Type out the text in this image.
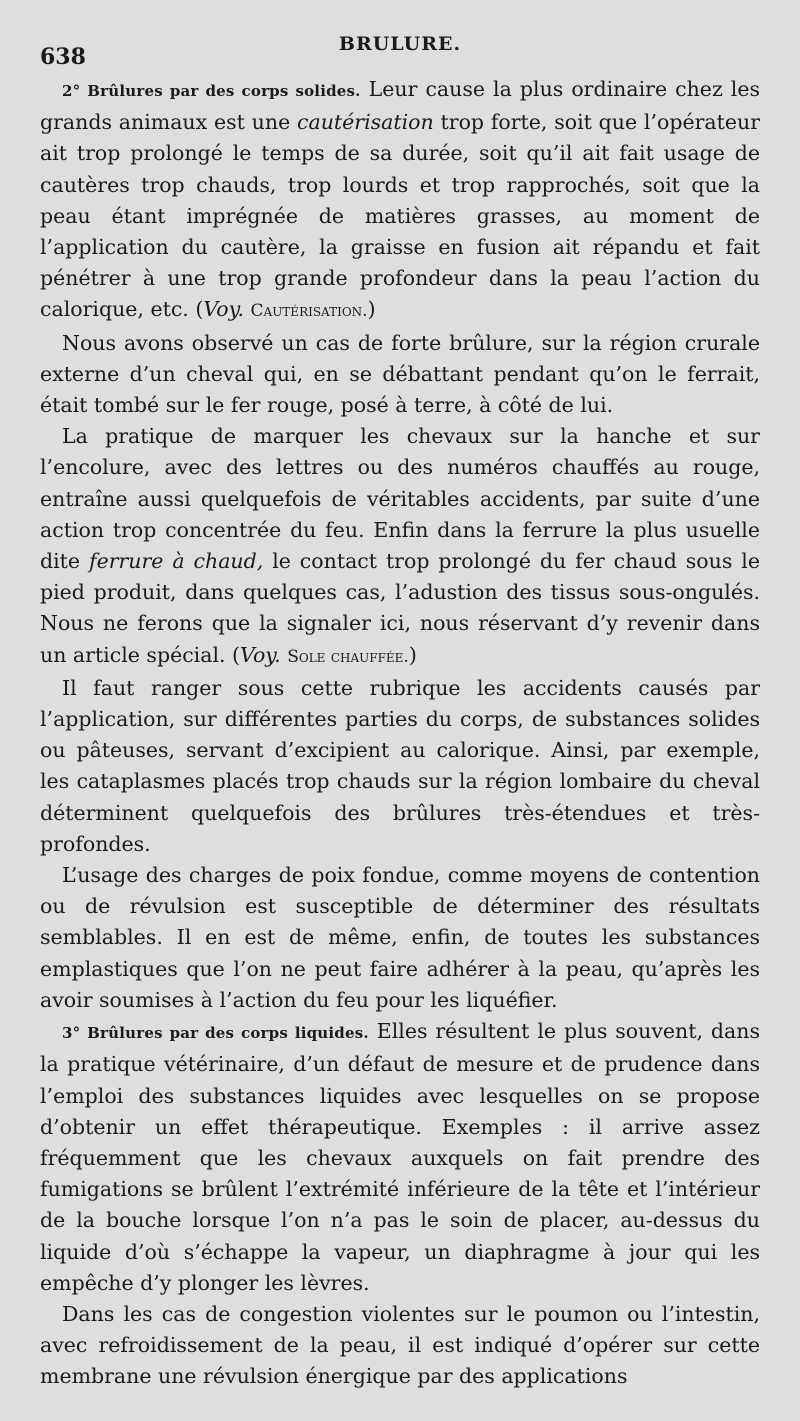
638	BRULURE.

2° Brûlures par des corps solides. Leur cause la plus ordinaire chez les grands animaux est une cautérisation trop forte, soit que l’opérateur ait trop prolongé le temps de sa durée, soit qu’il ait fait usage de cautères trop chauds, trop lourds et trop rapprochés, soit que la peau étant imprégnée de matières grasses, au moment de l’application du cautère, la graisse en fusion ait répandu et fait pénétrer à une trop grande profondeur dans la peau l’action du calorique, etc. (Voy. Cautérisation.)

Nous avons observé un cas de forte brûlure, sur la région crurale externe d’un cheval qui, en se débattant pendant qu’on le ferrait, était tombé sur le fer rouge, posé à terre, à côté de lui.

La pratique de marquer les chevaux sur la hanche et sur l’encolure, avec des lettres ou des numéros chauffés au rouge, entraîne aussi quelquefois de véritables accidents, par suite d’une action trop concentrée du feu. Enfin dans la ferrure la plus usuelle dite ferrure à chaud, le contact trop prolongé du fer chaud sous le pied produit, dans quelques cas, l’adustion des tissus sous-ongulés. Nous ne ferons que la signaler ici, nous réservant d’y revenir dans un article spécial. (Voy. Sole chauffée.)

Il faut ranger sous cette rubrique les accidents causés par l’application, sur différentes parties du corps, de substances solides ou pâteuses, servant d’excipient au calorique. Ainsi, par exemple, les cataplasmes placés trop chauds sur la région lombaire du cheval déterminent quelquefois des brûlures très-étendues et très-profondes.

L’usage des charges de poix fondue, comme moyens de contention ou de révulsion est susceptible de déterminer des résultats semblables. Il en est de même, enfin, de toutes les substances emplastiques que l’on ne peut faire adhérer à la peau, qu’après les avoir soumises à l’action du feu pour les liquéfier.

3° Brûlures par des corps liquides. Elles résultent le plus souvent, dans la pratique vétérinaire, d’un défaut de mesure et de prudence dans l’emploi des substances liquides avec lesquelles on se propose d’obtenir un effet thérapeutique. Exemples : il arrive assez fréquemment que les chevaux auxquels on fait prendre des fumigations se brûlent l’extrémité inférieure de la tête et l’intérieur de la bouche lorsque l’on n’a pas le soin de placer, au-dessus du liquide d’où s’échappe la vapeur, un diaphragme à jour qui les empêche d’y plonger les lèvres.

Dans les cas de congestion violentes sur le poumon ou l’intestin, avec refroidissement de la peau, il est indiqué d’opérer sur cette membrane une révulsion énergique par des applications
